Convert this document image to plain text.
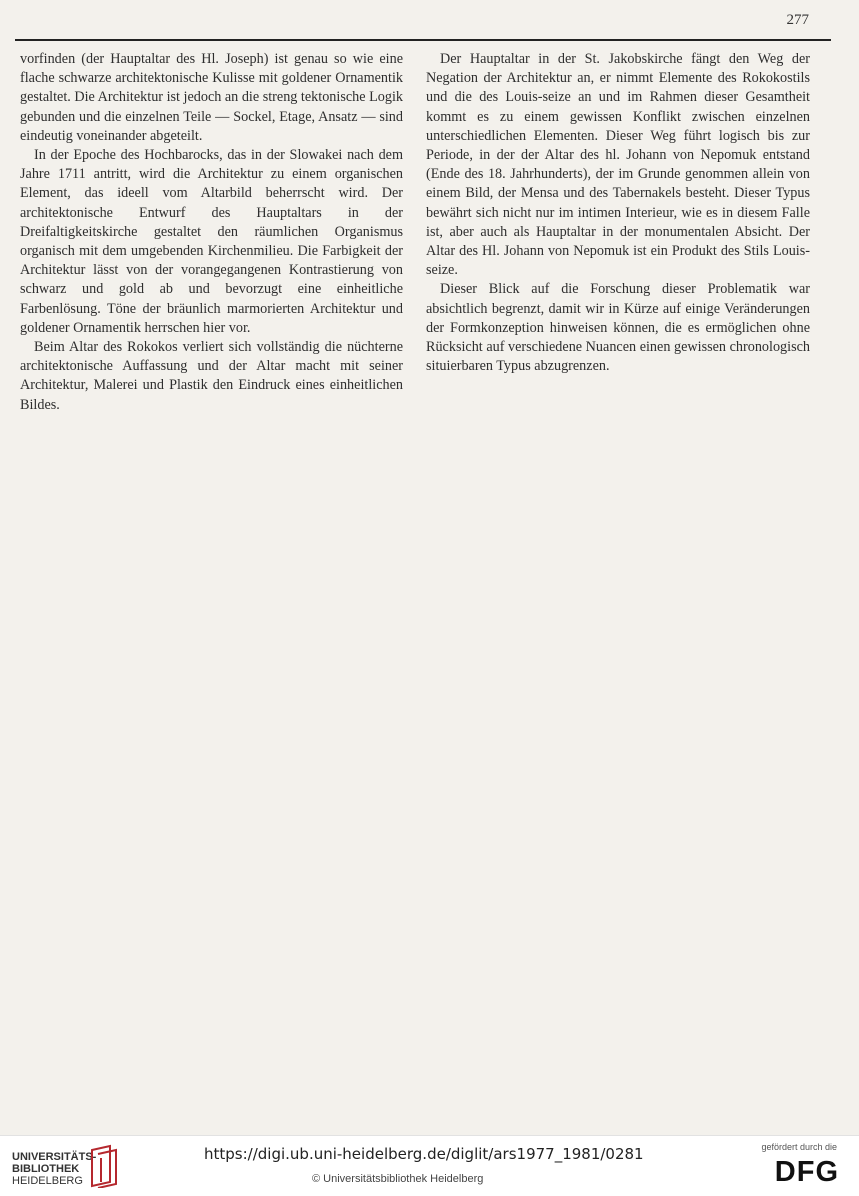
277

vorfinden (der Hauptaltar des Hl. Joseph) ist genau so wie eine flache schwarze architektonische Kulisse mit goldener Ornamentik gestaltet. Die Architektur ist jedoch an die streng tektonische Logik gebunden und die einzelnen Teile — Sockel, Etage, Ansatz — sind eindeutig voneinander abgeteilt.

In der Epoche des Hochbarocks, das in der Slowakei nach dem Jahre 1711 antritt, wird die Architektur zu einem organischen Element, das ideell vom Altarbild beherrscht wird. Der architektonische Entwurf des Hauptaltars in der Dreifaltigkeitskirche gestaltet den räumlichen Organismus organisch mit dem umgebenden Kirchenmilieu. Die Farbigkeit der Architektur lässt von der vorangegangenen Kontrastierung von schwarz und gold ab und bevorzugt eine einheitliche Farbenlösung. Töne der bräunlich marmorierten Architektur und goldener Ornamentik herrschen hier vor.

Beim Altar des Rokokos verliert sich vollständig die nüchterne architektonische Auffassung und der Altar macht mit seiner Architektur, Malerei und Plastik den Eindruck eines einheitlichen Bildes.

Der Hauptaltar in der St. Jakobskirche fängt den Weg der Negation der Architektur an, er nimmt Elemente des Rokokostils und die des Louis-seize an und im Rahmen dieser Gesamtheit kommt es zu einem gewissen Konflikt zwischen einzelnen unterschiedlichen Elementen. Dieser Weg führt logisch bis zur Periode, in der der Altar des hl. Johann von Nepomuk entstand (Ende des 18. Jahrhunderts), der im Grunde genommen allein von einem Bild, der Mensa und des Tabernakels besteht. Dieser Typus bewährt sich nicht nur im intimen Interieur, wie es in diesem Falle ist, aber auch als Hauptaltar in der monumentalen Absicht. Der Altar des Hl. Johann von Nepomuk ist ein Produkt des Stils Louis-seize.

Dieser Blick auf die Forschung dieser Problematik war absichtlich begrenzt, damit wir in Kürze auf einige Veränderungen der Formkonzeption hinweisen können, die es ermöglichen ohne Rücksicht auf verschiedene Nuancen einen gewissen chronologisch situierbaren Typus abzugrenzen.

UNIVERSITÄTS-
BIBLIOTHEK
HEIDELBERG
https://digi.ub.uni-heidelberg.de/diglit/ars1977_1981/0281
© Universitätsbibliothek Heidelberg
gefördert durch die
DFG
